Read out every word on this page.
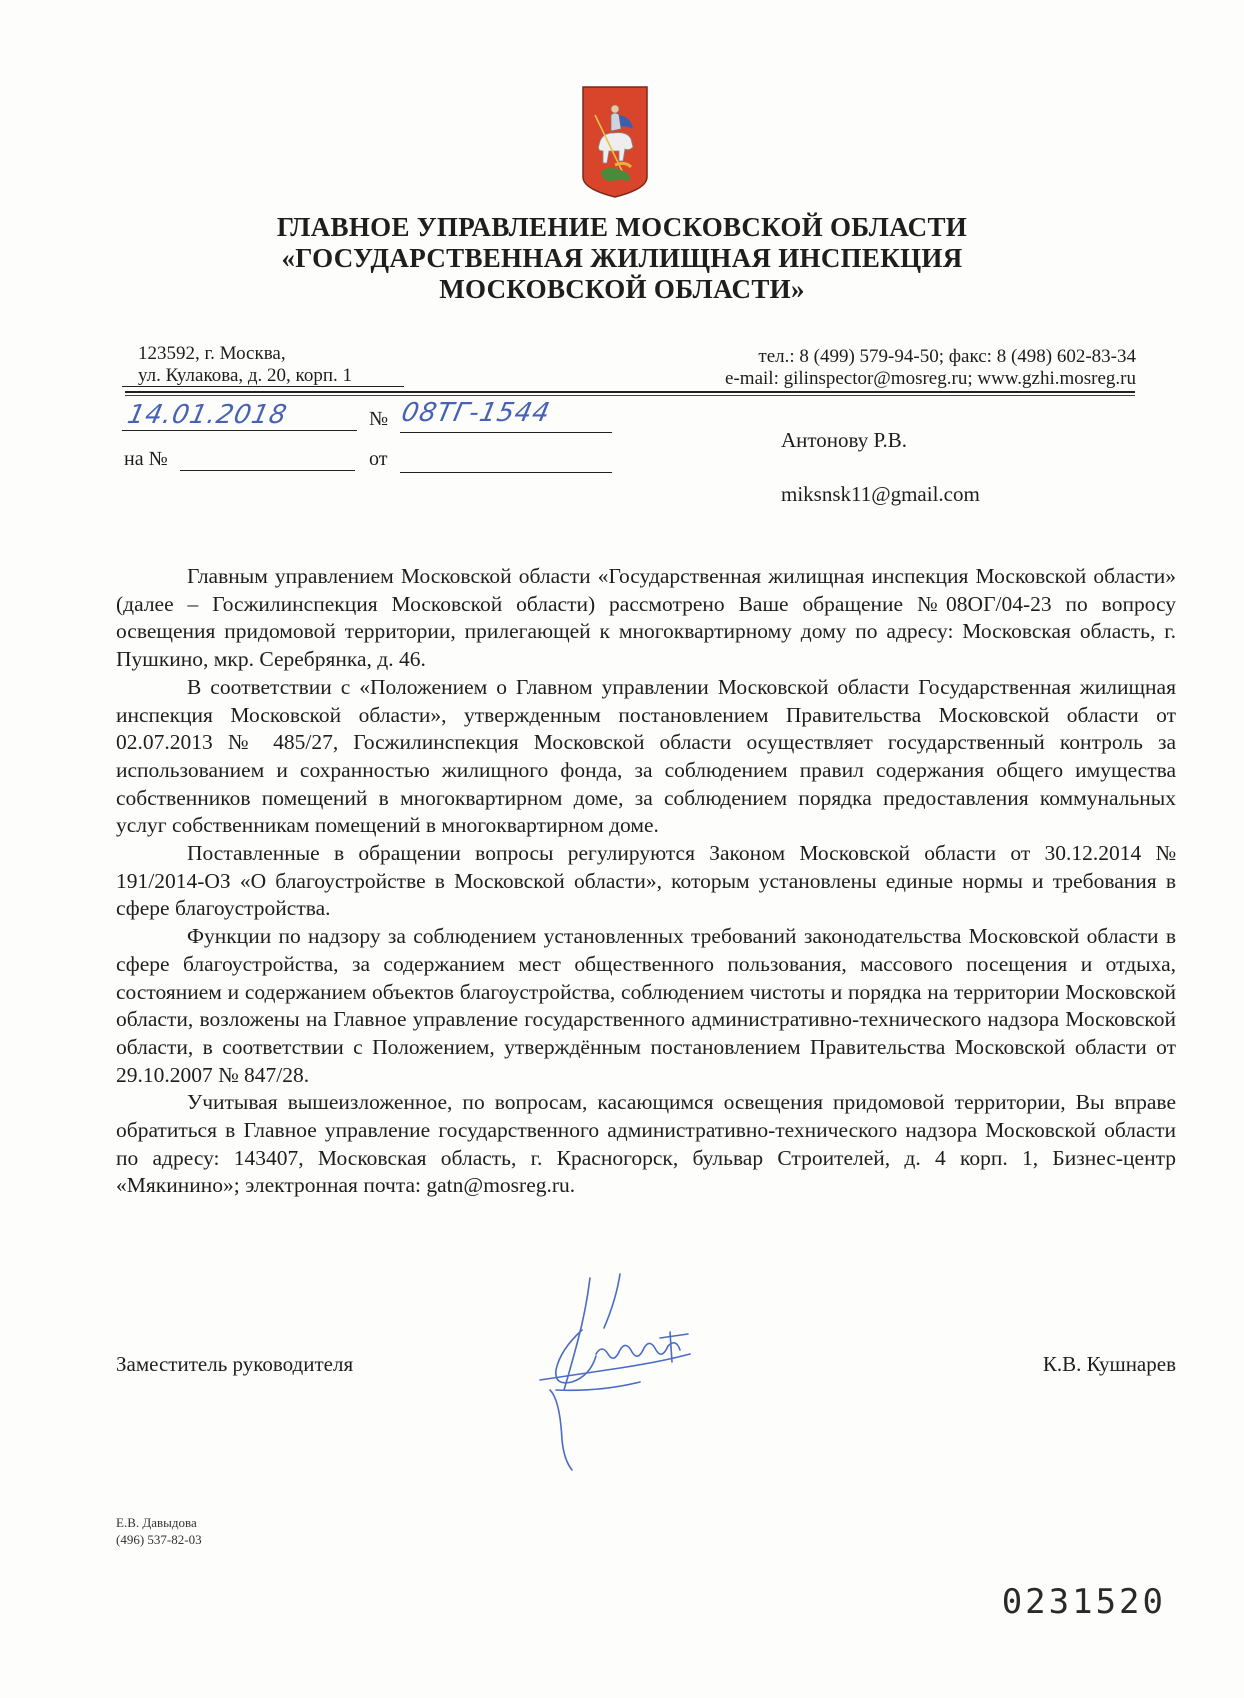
ГЛАВНОЕ УПРАВЛЕНИЕ МОСКОВСКОЙ ОБЛАСТИ
«ГОСУДАРСТВЕННАЯ ЖИЛИЩНАЯ ИНСПЕКЦИЯ
МОСКОВСКОЙ ОБЛАСТИ»
123592, г. Москва,
ул. Кулакова, д. 20, корп. 1
тел.: 8 (499) 579-94-50; факс: 8 (498) 602-83-34
e-mail: gilinspector@mosreg.ru; www.gzhi.mosreg.ru
14.01.2018	№ 08ТГ-1544
на №	от
Антонову Р.В.
miksnsk11@gmail.com

Главным управлением Московской области «Государственная жилищная инспекция Московской области» (далее – Госжилинспекция Московской области) рассмотрено Ваше обращение №08ОГ/04-23 по вопросу освещения придомовой территории, прилегающей к многоквартирному дому по адресу: Московская область, г. Пушкино, мкр. Серебрянка, д. 46.

В соответствии с «Положением о Главном управлении Московской области Государственная жилищная инспекция Московской области», утвержденным постановлением Правительства Московской области от 02.07.2013 № 485/27, Госжилинспекция Московской области осуществляет государственный контроль за использованием и сохранностью жилищного фонда, за соблюдением правил содержания общего имущества собственников помещений в многоквартирном доме, за соблюдением порядка предоставления коммунальных услуг собственникам помещений в многоквартирном доме.

Поставленные в обращении вопросы регулируются Законом Московской области от 30.12.2014 № 191/2014-ОЗ «О благоустройстве в Московской области», которым установлены единые нормы и требования в сфере благоустройства.

Функции по надзору за соблюдением установленных требований законодательства Московской области в сфере благоустройства, за содержанием мест общественного пользования, массового посещения и отдыха, состоянием и содержанием объектов благоустройства, соблюдением чистоты и порядка на территории Московской области, возложены на Главное управление государственного административно-технического надзора Московской области, в соответствии с Положением, утверждённым постановлением Правительства Московской области от 29.10.2007 № 847/28.

Учитывая вышеизложенное, по вопросам, касающимся освещения придомовой территории, Вы вправе обратиться в Главное управление государственного административно-технического надзора Московской области по адресу: 143407, Московская область, г. Красногорск, бульвар Строителей, д. 4 корп. 1, Бизнес-центр «Мякинино»; электронная почта: gatn@mosreg.ru.

Заместитель руководителя	К.В. Кушнарев
Е.В. Давыдова
(496) 537-82-03
0231520
